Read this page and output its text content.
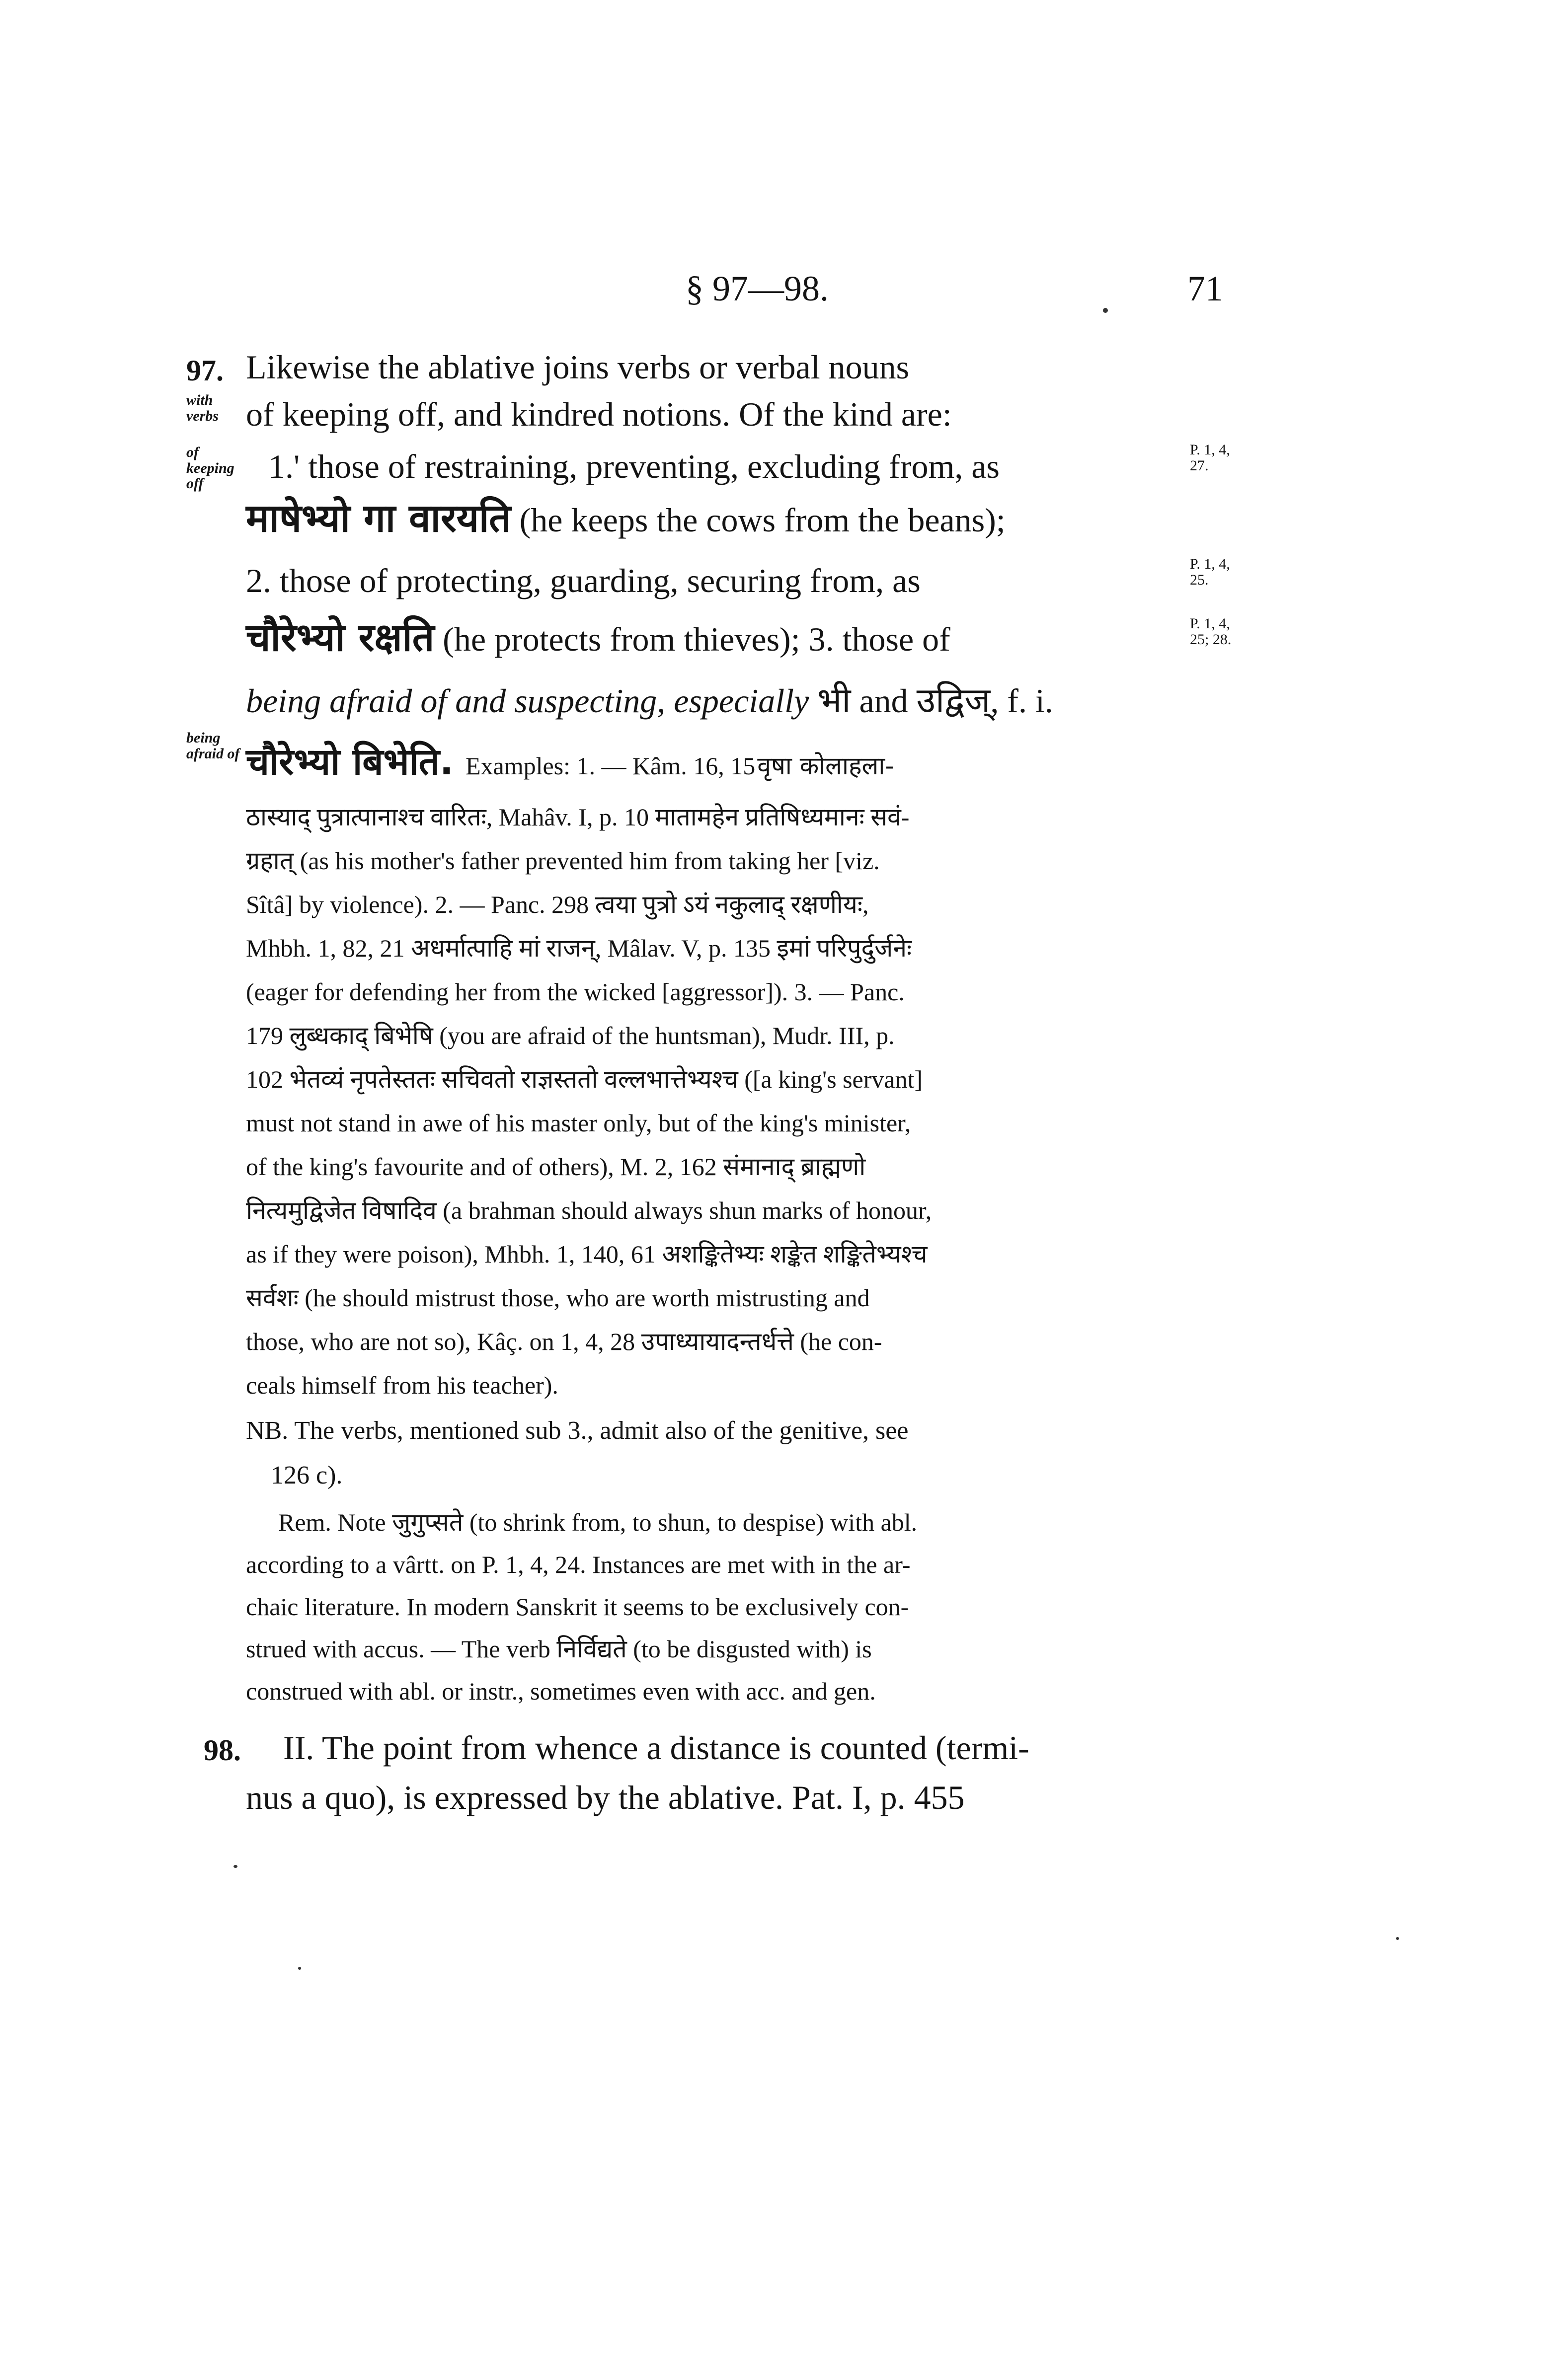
§ 97—98.	71
97.
with verbs
of keeping off
being afraid of
Likewise the ablative joins verbs or verbal nouns
of keeping off, and kindred notions. Of the kind are:
1.' those of restraining, preventing, excluding from, as	P. 1, 4, 27.
माषेभ्यो गा वारयति (he keeps the cows from the beans);
2. those of protecting, guarding, securing from, as	P. 1, 4, 25.
चौरेभ्यो रक्षति (he protects from thieves); 3. those of	P. 1, 4, 25; 28.
being afraid of and suspecting, especially भी and उद्विज्, f. i.
चौरेभ्यो बिभेति. Examples: 1. — Kâm. 16, 15 वृषा कोलाहला-
ठास्याद् पुत्रात्पानाश्च वारितः, Mahâv. I, p. 10 मातामहेन प्रतिषिध्यमानः सवं-
ग्रहात् (as his mother's father prevented him from taking her [viz.
Sîtâ] by violence). 2. — Panc. 298 त्वया पुत्रो ऽयं नकुलाद् रक्षणीयः,
Mhbh. 1, 82, 21 अधर्मात्पाहि मां राजन्, Mâlav. V, p. 135 इमां परिपुर्दुर्जनेः
(eager for defending her from the wicked [aggressor]). 3. — Panc.
179 लुब्धकाद् बिभेषि (you are afraid of the huntsman), Mudr. III, p.
102 भेतव्यं नृपतेस्ततः सचिवतो राज्ञस्ततो वल्लभात्तेभ्यश्च ([a king's servant]
must not stand in awe of his master only, but of the king's minister,
of the king's favourite and of others), M. 2, 162 संमानाद् ब्राह्मणो
नित्यमुद्विजेत विषादिव (a brahman should always shun marks of honour,
as if they were poison), Mhbh. 1, 140, 61 अशङ्कितेभ्यः शङ्केत शङ्कितेभ्यश्च
सर्वशः (he should mistrust those, who are worth mistrusting and
those, who are not so), Kâç. on 1, 4, 28 उपाध्यायादन्तर्धत्ते (he con-
ceals himself from his teacher).
NB. The verbs, mentioned sub 3., admit also of the genitive, see
126 c).
Rem. Note जुगुप्सते (to shrink from, to shun, to despise) with abl.
according to a vârtt. on P. 1, 4, 24. Instances are met with in the ar-
chaic literature. In modern Sanskrit it seems to be exclusively con-
strued with accus. — The verb निर्विद्यते (to be disgusted with) is
construed with abl. or instr., sometimes even with acc. and gen.
98. II. The point from whence a distance is counted (termi-
nus a quo), is expressed by the ablative. Pat. I, p. 455
